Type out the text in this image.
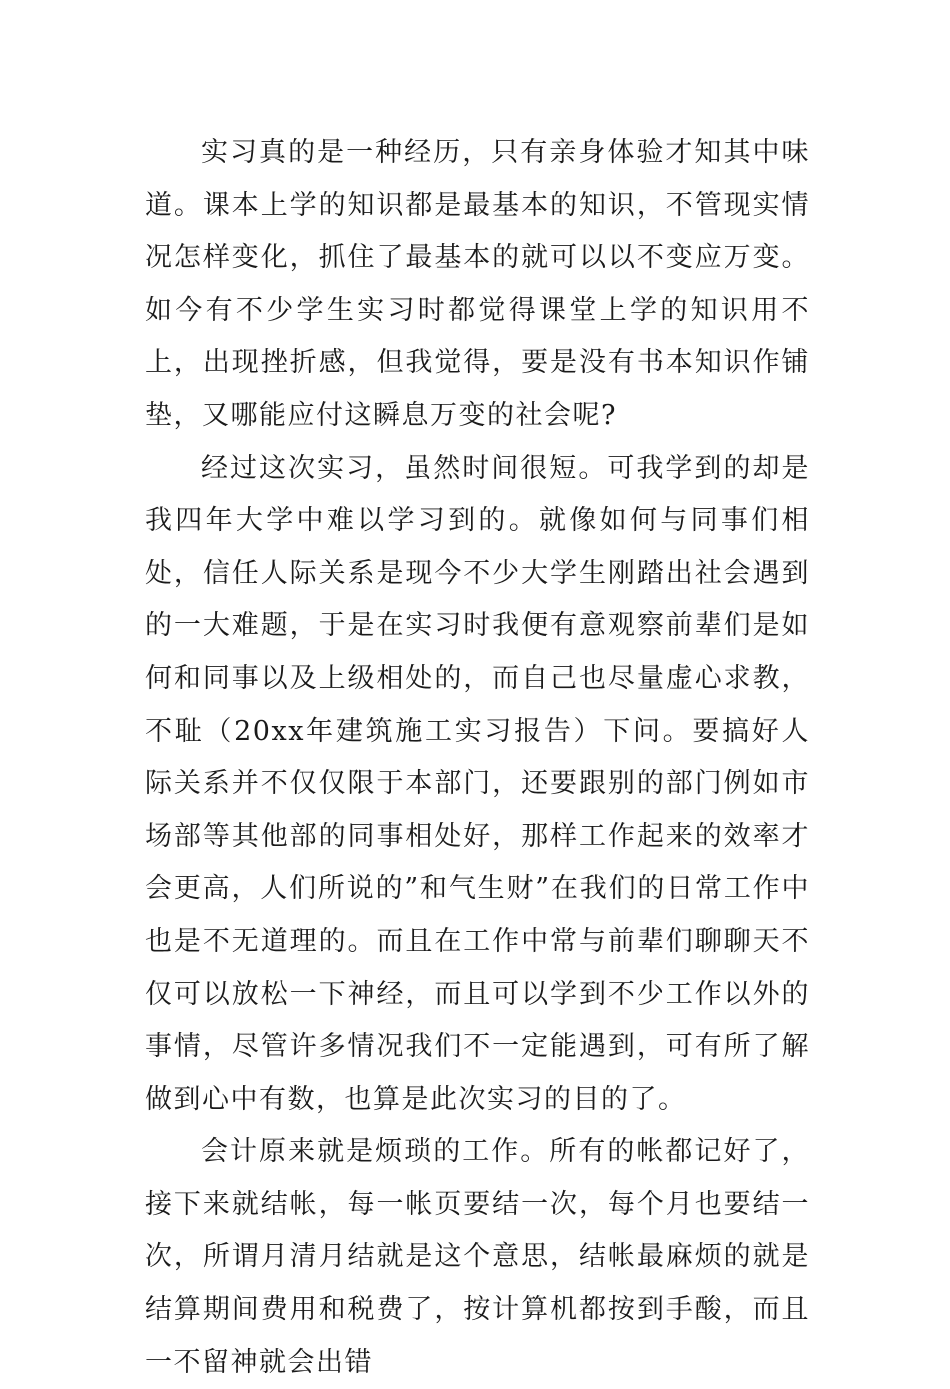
实习真的是一种经历，只有亲身体验才知其中味道。课本上学的知识都是最基本的知识，不管现实情况怎样变化，抓住了最基本的就可以以不变应万变。如今有不少学生实习时都觉得课堂上学的知识用不上，出现挫折感，但我觉得，要是没有书本知识作铺垫，又哪能应付这瞬息万变的社会呢?

经过这次实习，虽然时间很短。可我学到的却是我四年大学中难以学习到的。就像如何与同事们相处，信任人际关系是现今不少大学生刚踏出社会遇到的一大难题，于是在实习时我便有意观察前辈们是如何和同事以及上级相处的，而自己也尽量虚心求教，不耻（20xx年建筑施工实习报告）下问。要搞好人际关系并不仅仅限于本部门，还要跟别的部门例如市场部等其他部的同事相处好，那样工作起来的效率才会更高，人们所说的”和气生财”在我们的日常工作中也是不无道理的。而且在工作中常与前辈们聊聊天不仅可以放松一下神经，而且可以学到不少工作以外的事情，尽管许多情况我们不一定能遇到，可有所了解做到心中有数，也算是此次实习的目的了。

会计原来就是烦琐的工作。所有的帐都记好了，接下来就结帐，每一帐页要结一次，每个月也要结一次，所谓月清月结就是这个意思，结帐最麻烦的就是结算期间费用和税费了，按计算机都按到手酸，而且一不留神就会出错
